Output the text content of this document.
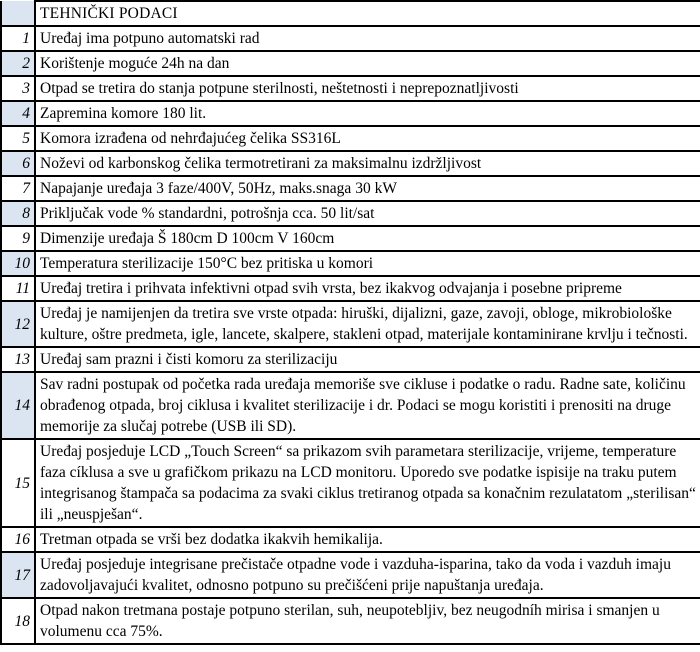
	TEHNIČKI PODACI
1	Uređaj ima potpuno automatski rad
2	Korištenje moguće 24h na dan
3	Otpad se tretira do stanja potpune sterilnosti, neštetnosti i neprepoznatljivosti
4	Zapremina komore 180 lit.
5	Komora izrađena od nehrđajućeg čelika SS316L
6	Noževi od karbonskog čelika termotretirani za maksimalnu izdržljivost
7	Napajanje uređaja 3 faze/400V, 50Hz, maks.snaga 30 kW
8	Priključak vode % standardni, potrošnja cca. 50 lit/sat
9	Dimenzije uređaja Š 180cm D 100cm V 160cm
10	Temperatura sterilizacije 150°C bez pritiska u komori
11	Uređaj tretira i prihvata infektivni otpad svih vrsta, bez ikakvog odvajanja i posebne pripreme
12	Uređaj je namijenjen da tretira sve vrste otpada: hiruški, dijalizni, gaze, zavoji, obloge, mikrobiološke kulture, oštre predmeta, igle, lancete, skalpere, stakleni otpad, materijale kontaminirane krvlju i tečnosti.
13	Uređaj sam prazni i čisti komoru za sterilizaciju
14	Sav radni postupak od početka rada uređaja memoriše sve cikluse i podatke o radu. Radne sate, količinu obrađenog otpada, broj ciklusa i kvalitet sterilizacije i dr. Podaci se mogu koristiti i prenositi na druge memorije za slučaj potrebe (USB ili SD).
15	Uređaj posjeduje LCD „Touch Screen“ sa prikazom svih parametara sterilizacije, vrijeme, temperature faza cíklusa a sve u grafičkom prikazu na LCD monitoru. Uporedo sve podatke ispisije na traku putem integrisanog štampača sa podacima za svaki ciklus tretiranog otpada sa konačnim rezulatatom „sterilisan“ ili „neuspješan“.
16	Tretman otpada se vrši bez dodatka ikakvih hemikalija.
17	Uređaj posjeduje integrisane prečistače otpadne vode i vazduha-isparina, tako da voda i vazduh imaju zadovoljavajući kvalitet, odnosno potpuno su prečišćeni prije napuštanja uređaja.
18	Otpad nakon tretmana postaje potpuno sterilan, suh, neupotebljiv, bez neugodníh mirisa i smanjen u volumenu cca 75%.
